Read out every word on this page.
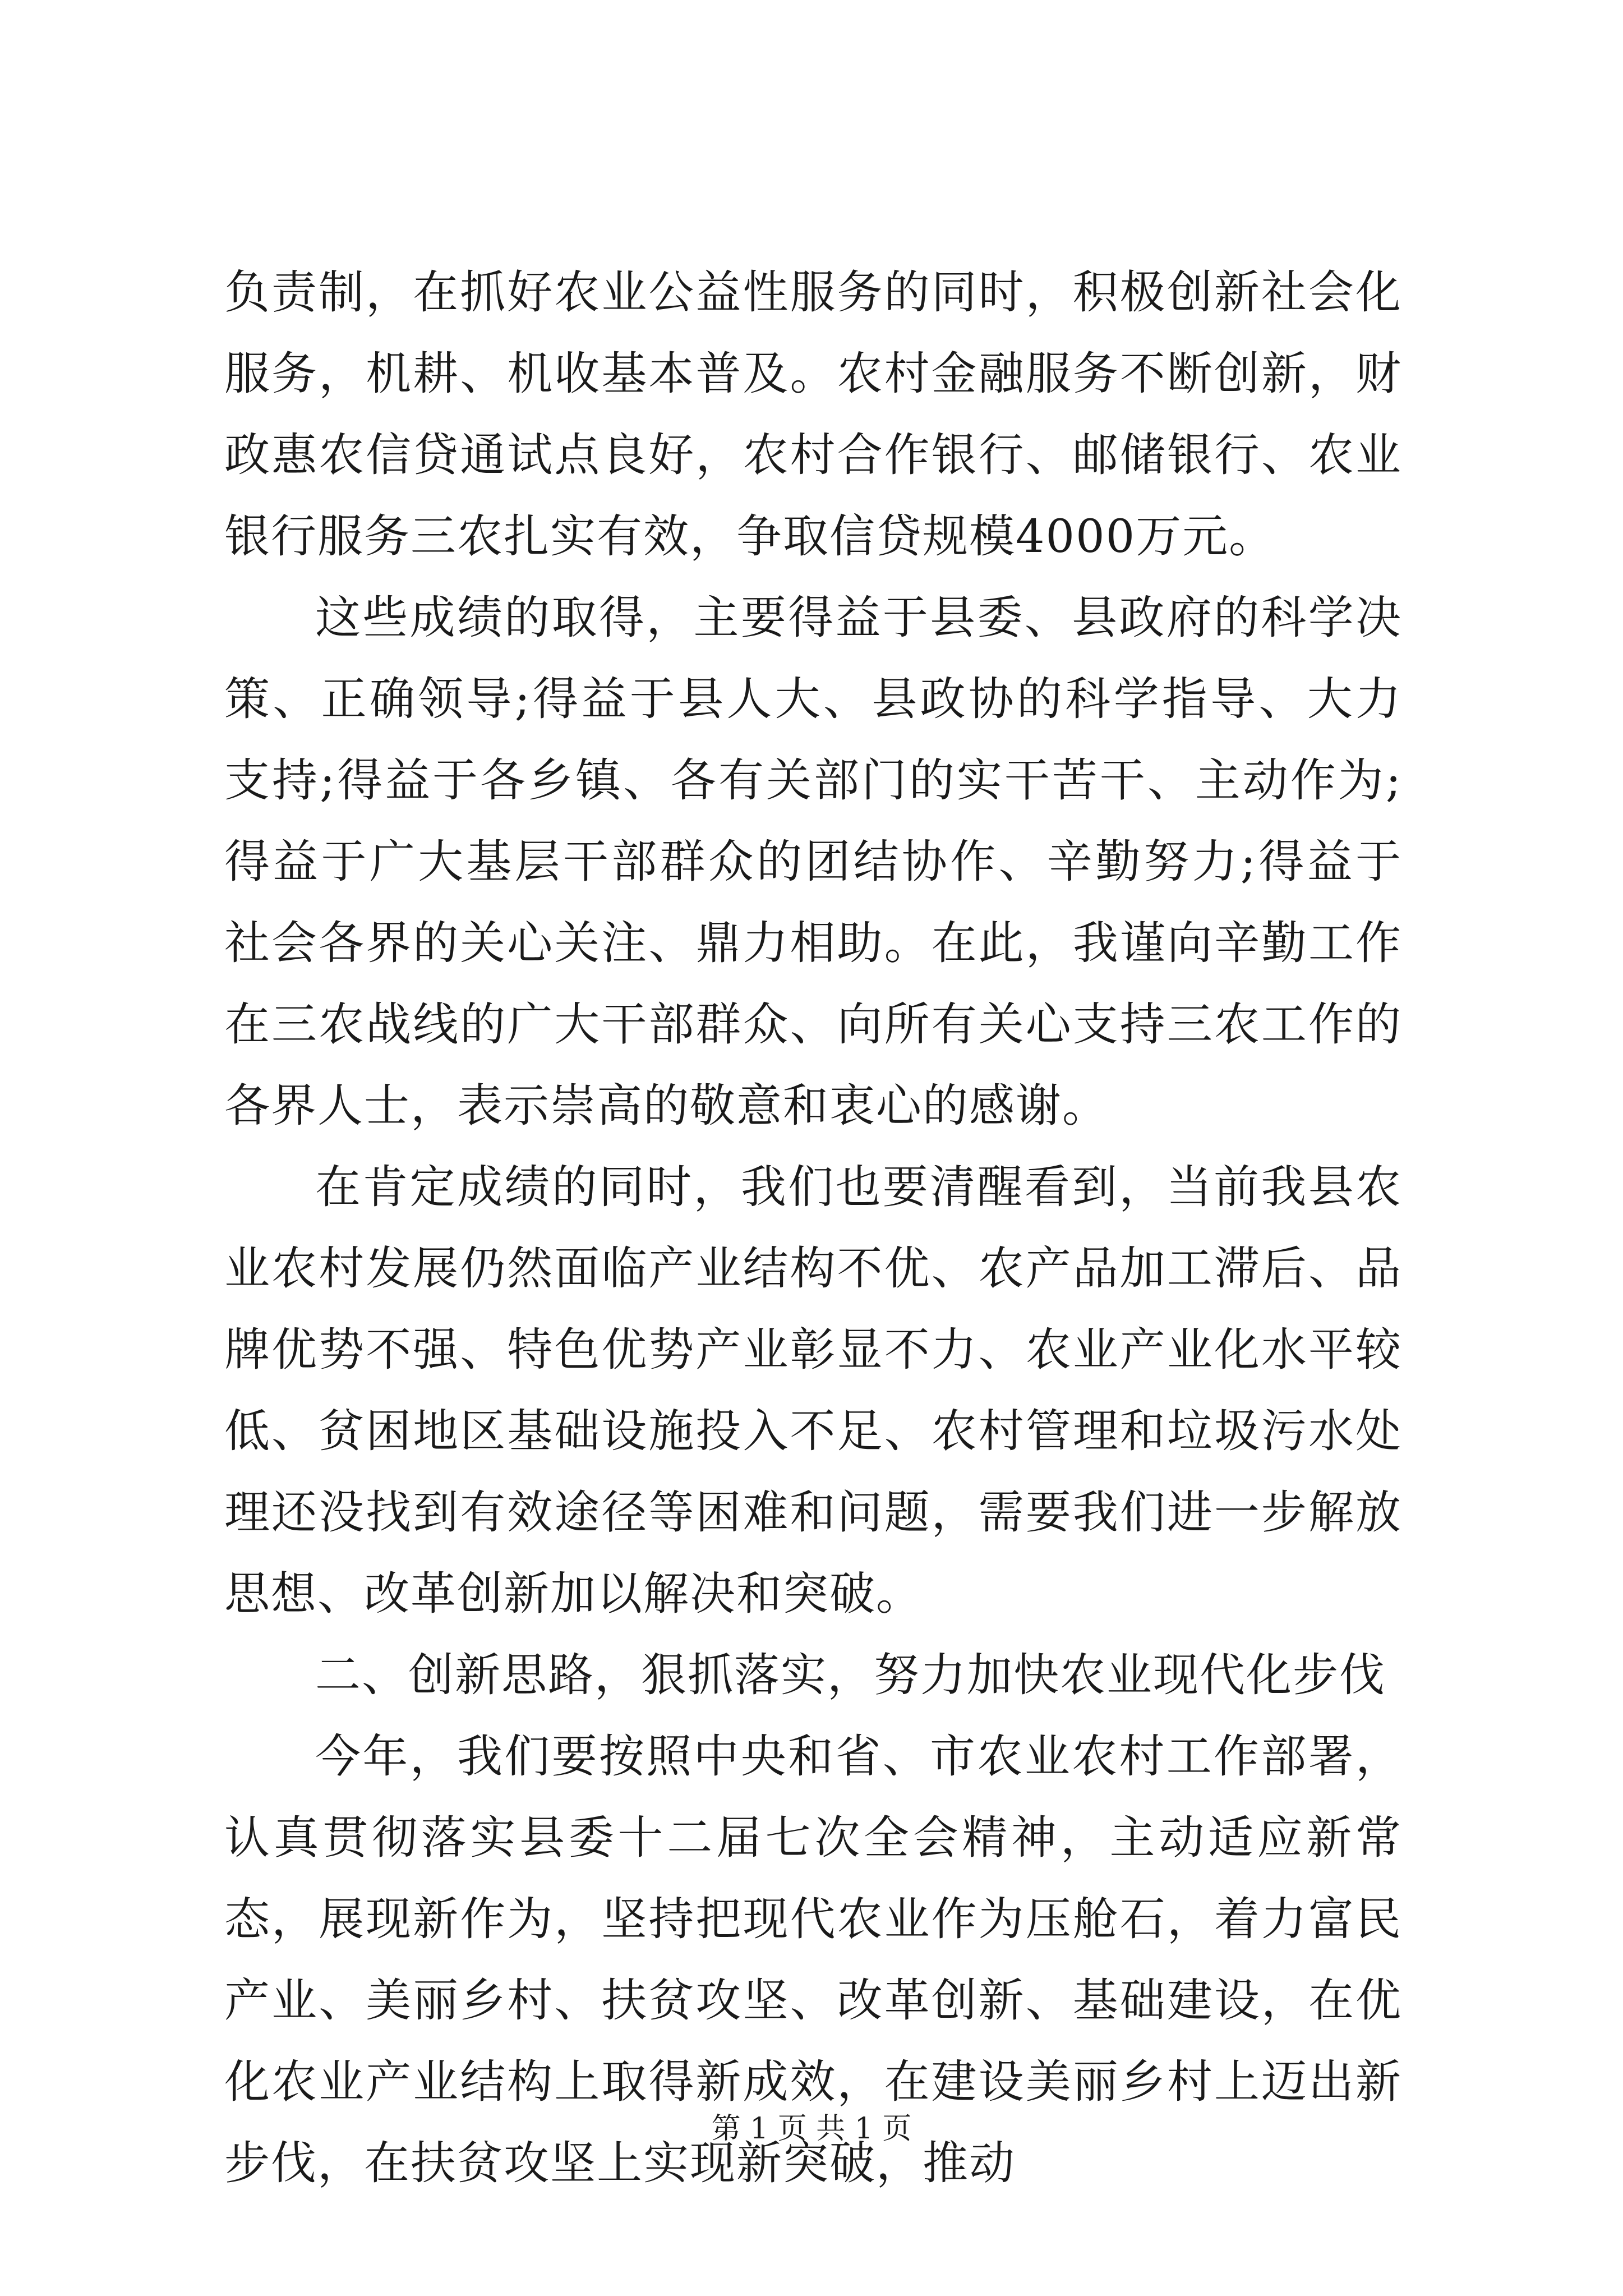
负责制，在抓好农业公益性服务的同时，积极创新社会化服务，机耕、机收基本普及。农村金融服务不断创新，财政惠农信贷通试点良好，农村合作银行、邮储银行、农业银行服务三农扎实有效，争取信贷规模4000万元。

这些成绩的取得，主要得益于县委、县政府的科学决策、正确领导;得益于县人大、县政协的科学指导、大力支持;得益于各乡镇、各有关部门的实干苦干、主动作为;得益于广大基层干部群众的团结协作、辛勤努力;得益于社会各界的关心关注、鼎力相助。在此，我谨向辛勤工作在三农战线的广大干部群众、向所有关心支持三农工作的各界人士，表示崇高的敬意和衷心的感谢。

在肯定成绩的同时，我们也要清醒看到，当前我县农业农村发展仍然面临产业结构不优、农产品加工滞后、品牌优势不强、特色优势产业彰显不力、农业产业化水平较低、贫困地区基础设施投入不足、农村管理和垃圾污水处理还没找到有效途径等困难和问题，需要我们进一步解放思想、改革创新加以解决和突破。

二、创新思路，狠抓落实，努力加快农业现代化步伐

今年，我们要按照中央和省、市农业农村工作部署，认真贯彻落实县委十二届七次全会精神，主动适应新常态，展现新作为，坚持把现代农业作为压舱石，着力富民产业、美丽乡村、扶贫攻坚、改革创新、基础建设，在优化农业产业结构上取得新成效，在建设美丽乡村上迈出新步伐，在扶贫攻坚上实现新突破，推动

第 1 页 共 1 页
